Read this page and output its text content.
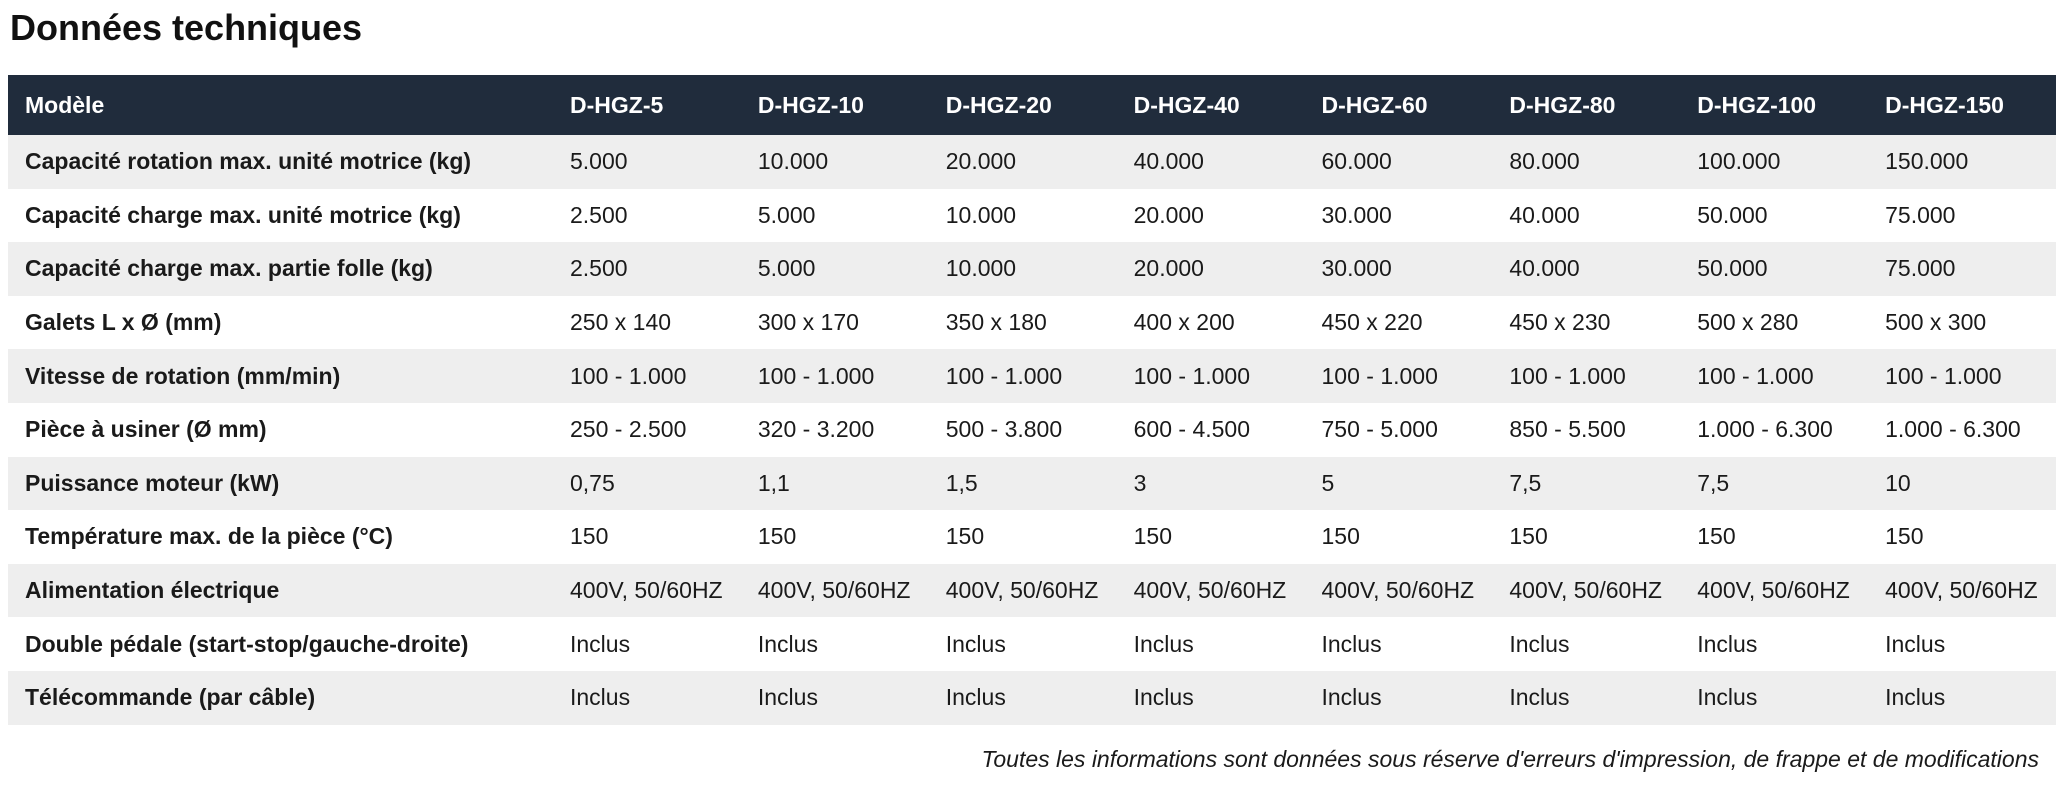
Données techniques
Modèle	D-HGZ-5	D-HGZ-10	D-HGZ-20	D-HGZ-40	D-HGZ-60	D-HGZ-80	D-HGZ-100	D-HGZ-150
Capacité rotation max. unité motrice (kg)	5.000	10.000	20.000	40.000	60.000	80.000	100.000	150.000
Capacité charge max. unité motrice (kg)	2.500	5.000	10.000	20.000	30.000	40.000	50.000	75.000
Capacité charge max. partie folle (kg)	2.500	5.000	10.000	20.000	30.000	40.000	50.000	75.000
Galets L x Ø (mm)	250 x 140	300 x 170	350 x 180	400 x 200	450 x 220	450 x 230	500 x 280	500 x 300
Vitesse de rotation (mm/min)	100 - 1.000	100 - 1.000	100 - 1.000	100 - 1.000	100 - 1.000	100 - 1.000	100 - 1.000	100 - 1.000
Pièce à usiner (Ø mm)	250 - 2.500	320 - 3.200	500 - 3.800	600 - 4.500	750 - 5.000	850 - 5.500	1.000 - 6.300	1.000 - 6.300
Puissance moteur (kW)	0,75	1,1	1,5	3	5	7,5	7,5	10
Température max. de la pièce (°C)	150	150	150	150	150	150	150	150
Alimentation électrique	400V, 50/60HZ	400V, 50/60HZ	400V, 50/60HZ	400V, 50/60HZ	400V, 50/60HZ	400V, 50/60HZ	400V, 50/60HZ	400V, 50/60HZ
Double pédale (start-stop/gauche-droite)	Inclus	Inclus	Inclus	Inclus	Inclus	Inclus	Inclus	Inclus
Télécommande (par câble)	Inclus	Inclus	Inclus	Inclus	Inclus	Inclus	Inclus	Inclus

Toutes les informations sont données sous réserve d'erreurs d'impression, de frappe et de modifications
